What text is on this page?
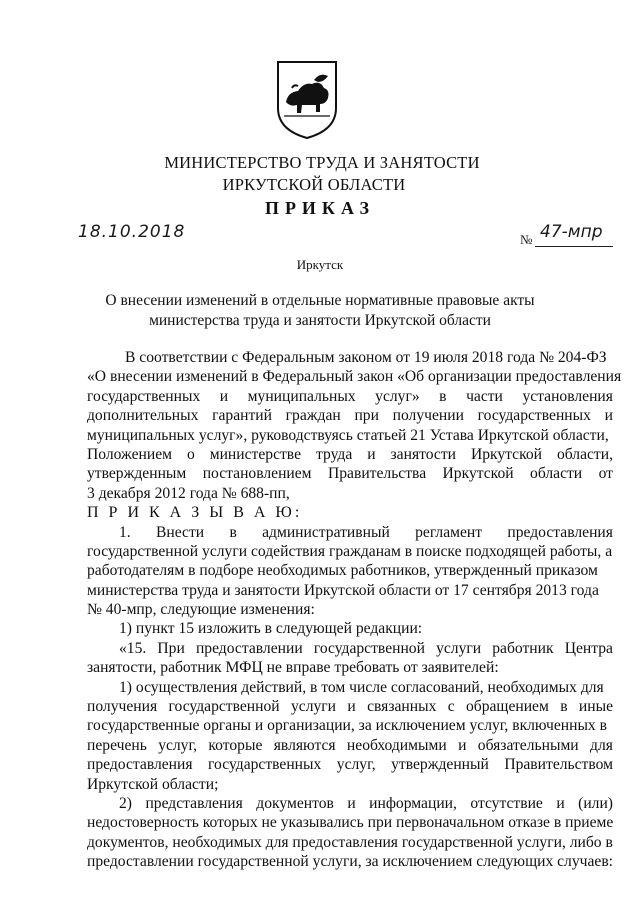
МИНИСТЕРСТВО ТРУДА И ЗАНЯТОСТИ
ИРКУТСКОЙ ОБЛАСТИ
ПРИКАЗ
18.10.2018	№ 47-мпр
Иркутск
О внесении изменений в отдельные нормативные правовые акты
министерства труда и занятости Иркутской области
В соответствии с Федеральным законом от 19 июля 2018 года № 204-ФЗ
«О внесении изменений в Федеральный закон «Об организации предоставления
государственных и муниципальных услуг» в части установления
дополнительных гарантий граждан при получении государственных и
муниципальных услуг», руководствуясь статьей 21 Устава Иркутской области,
Положением о министерстве труда и занятости Иркутской области,
утвержденным постановлением Правительства Иркутской области от
3 декабря 2012 года № 688-пп,
П Р И К А З Ы В А Ю:
1. Внести в административный регламент предоставления
государственной услуги содействия гражданам в поиске подходящей работы, а
работодателям в подборе необходимых работников, утвержденный приказом
министерства труда и занятости Иркутской области от 17 сентября 2013 года
№ 40-мпр, следующие изменения:
1) пункт 15 изложить в следующей редакции:
«15. При предоставлении государственной услуги работник Центра
занятости, работник МФЦ не вправе требовать от заявителей:
1) осуществления действий, в том числе согласований, необходимых для
получения государственной услуги и связанных с обращением в иные
государственные органы и организации, за исключением услуг, включенных в
перечень услуг, которые являются необходимыми и обязательными для
предоставления государственных услуг, утвержденный Правительством
Иркутской области;
2) представления документов и информации, отсутствие и (или)
недостоверность которых не указывались при первоначальном отказе в приеме
документов, необходимых для предоставления государственной услуги, либо в
предоставлении государственной услуги, за исключением следующих случаев:
